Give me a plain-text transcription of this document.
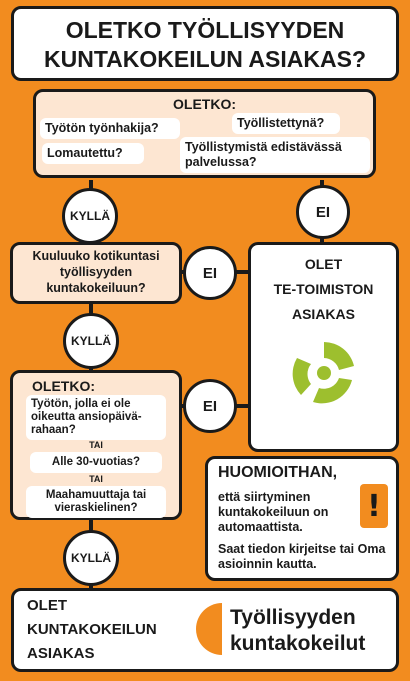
OLETKO TYÖLLISYYDEN
KUNTAKOKEILUN ASIAKAS?
OLETKO:
Työtön työnhakija?	Työllistettynä?
Lomautettu?	Työllistymistä edistävässä palvelussa?
KYLLÄ	EI
Kuuluuko kotikuntasi työllisyyden kuntakokeiluun?
EI
OLET
TE-TOIMISTON
ASIAKAS
KYLLÄ
OLETKO:
Työtön, jolla ei ole oikeutta ansiopäivä-rahaan?
TAI
Alle 30-vuotias?
TAI
Maahamuuttaja tai vieraskielinen?
EI
HUOMIOITHAN,
että siirtyminen kuntakokeiluun on automaattista.
!
Saat tiedon kirjeitse tai Oma asioinnin kautta.
KYLLÄ
OLET
KUNTAKOKEILUN
ASIAKAS
Työllisyyden
kuntakokeilut
